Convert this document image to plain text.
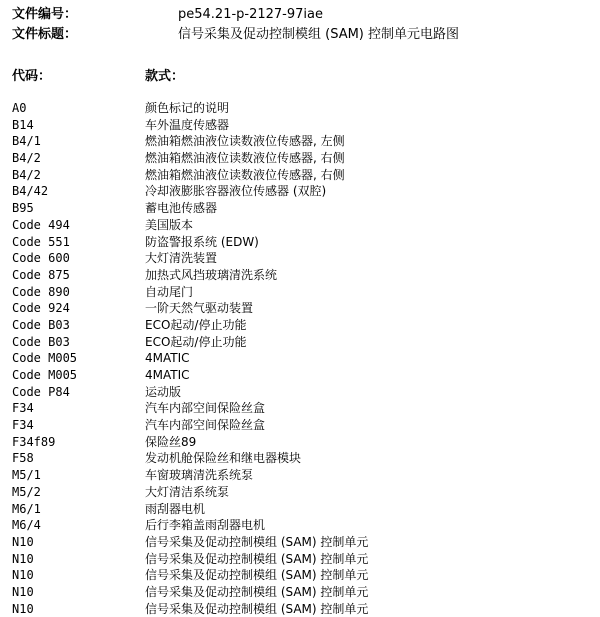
文件编号：	pe54.21-p-2127-97iae
文件标题：	信号采集及促动控制模组 (SAM) 控制单元电路图
代码：	款式：
A0	颜色标记的说明
B14	车外温度传感器
B4/1	燃油箱燃油液位读数液位传感器, 左侧
B4/2	燃油箱燃油液位读数液位传感器, 右侧
B4/2	燃油箱燃油液位读数液位传感器, 右侧
B4/42	冷却液膨胀容器液位传感器 (双腔)
B95	蓄电池传感器
Code 494	美国版本
Code 551	防盗警报系统 (EDW)
Code 600	大灯清洗装置
Code 875	加热式风挡玻璃清洗系统
Code 890	自动尾门
Code 924	一阶天然气驱动装置
Code B03	ECO起动/停止功能
Code B03	ECO起动/停止功能
Code M005	4MATIC
Code M005	4MATIC
Code P84	运动版
F34	汽车内部空间保险丝盒
F34	汽车内部空间保险丝盒
F34f89	保险丝89
F58	发动机舱保险丝和继电器模块
M5/1	车窗玻璃清洗系统泵
M5/2	大灯清洁系统泵
M6/1	雨刮器电机
M6/4	后行李箱盖雨刮器电机
N10	信号采集及促动控制模组 (SAM) 控制单元
N10	信号采集及促动控制模组 (SAM) 控制单元
N10	信号采集及促动控制模组 (SAM) 控制单元
N10	信号采集及促动控制模组 (SAM) 控制单元
N10	信号采集及促动控制模组 (SAM) 控制单元
